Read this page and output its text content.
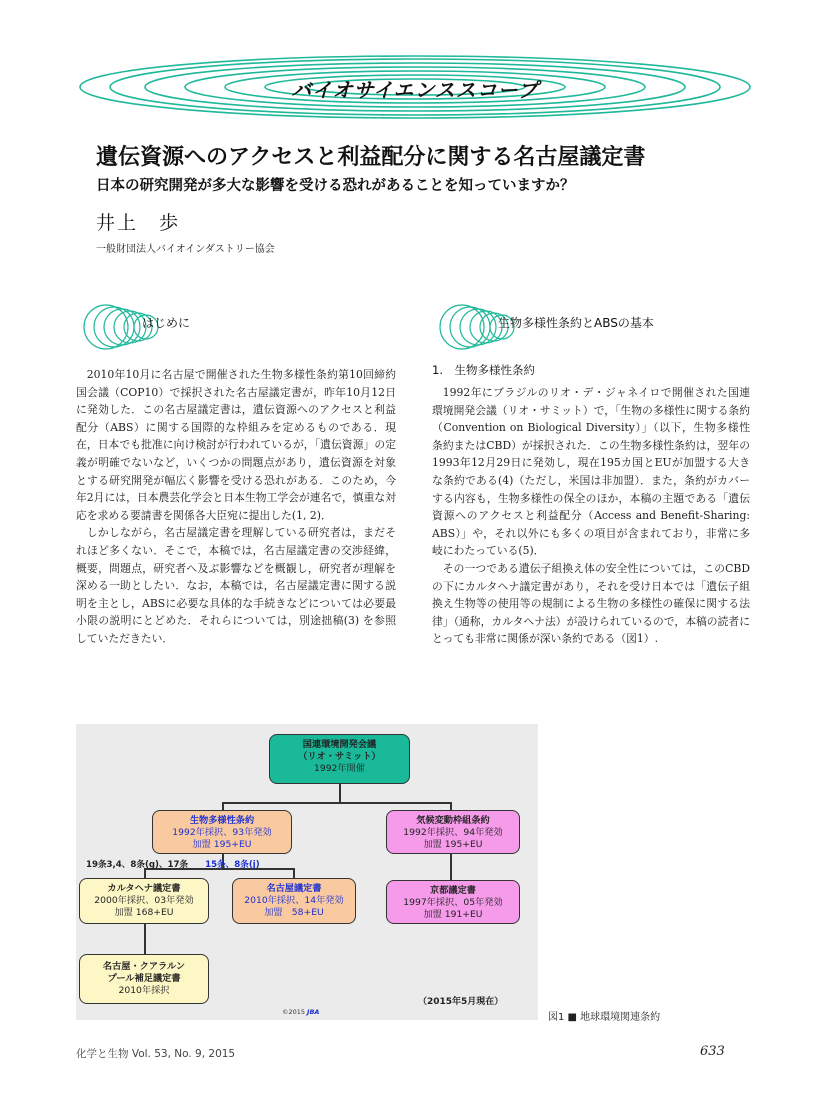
バイオサイエンススコープ
遺伝資源へのアクセスと利益配分に関する名古屋議定書
日本の研究開発が多大な影響を受ける恐れがあることを知っていますか？
井上　歩
一般財団法人バイオインダストリー協会
はじめに	生物多様性条約とABSの基本

2010年10月に名古屋で開催された生物多様性条約第10回締約国会議（COP10）で採択された名古屋議定書が，昨年10月12日に発効した．この名古屋議定書は，遺伝資源へのアクセスと利益配分（ABS）に関する国際的な枠組みを定めるものである．現在，日本でも批准に向け検討が行われているが，「遺伝資源」の定義が明確でないなど，いくつかの問題点があり，遺伝資源を対象とする研究開発が幅広く影響を受ける恐れがある．このため，今年2月には，日本農芸化学会と日本生物工学会が連名で，慎重な対応を求める要請書を関係各大臣宛に提出した(1, 2)．

しかしながら，名古屋議定書を理解している研究者は，まだそれほど多くない．そこで，本稿では，名古屋議定書の交渉経緯，概要，問題点，研究者へ及ぶ影響などを概観し，研究者が理解を深める一助としたい．なお，本稿では，名古屋議定書に関する説明を主とし，ABSに必要な具体的な手続きなどについては必要最小限の説明にとどめた．それらについては，別途拙稿(3) を参照していただきたい．

1.　生物多様性条約

1992年にブラジルのリオ・デ・ジャネイロで開催された国連環境開発会議（リオ・サミット）で，「生物の多様性に関する条約（Convention on Biological Diversity）」（以下，生物多様性条約またはCBD）が採択された．この生物多様性条約は，翌年の1993年12月29日に発効し，現在195カ国とEUが加盟する大きな条約である(4)（ただし，米国は非加盟）．また，条約がカバーする内容も，生物多様性の保全のほか，本稿の主題である「遺伝資源へのアクセスと利益配分（Access and Benefit-Sharing: ABS）」や，それ以外にも多くの項目が含まれており，非常に多岐にわたっている(5)．

その一つである遺伝子組換え体の安全性については，このCBDの下にカルタヘナ議定書があり，それを受け日本では「遺伝子組換え生物等の使用等の規制による生物の多様性の確保に関する法律」（通称，カルタヘナ法）が設けられているので，本稿の読者にとっても非常に関係が深い条約である（図1）.

国連環境開発会議
（リオ・サミット）
1992年開催
生物多様性条約
1992年採択、93年発効
加盟 195+EU
気候変動枠組条約
1992年採択、94年発効
加盟 195+EU
19条3,4、8条(g)、17条 15条、8条(j)
カルタヘナ議定書
2000年採択、03年発効
加盟 168+EU
名古屋議定書
2010年採択、14年発効
加盟　58+EU
京都議定書
1997年採択、05年発効
加盟 191+EU
名古屋・クアラルン
プール補足議定書
2010年採択
（2015年5月現在）
©2015 JBA	図1 ■ 地球環境関連条約
化学と生物 Vol. 53, No. 9, 2015	633
